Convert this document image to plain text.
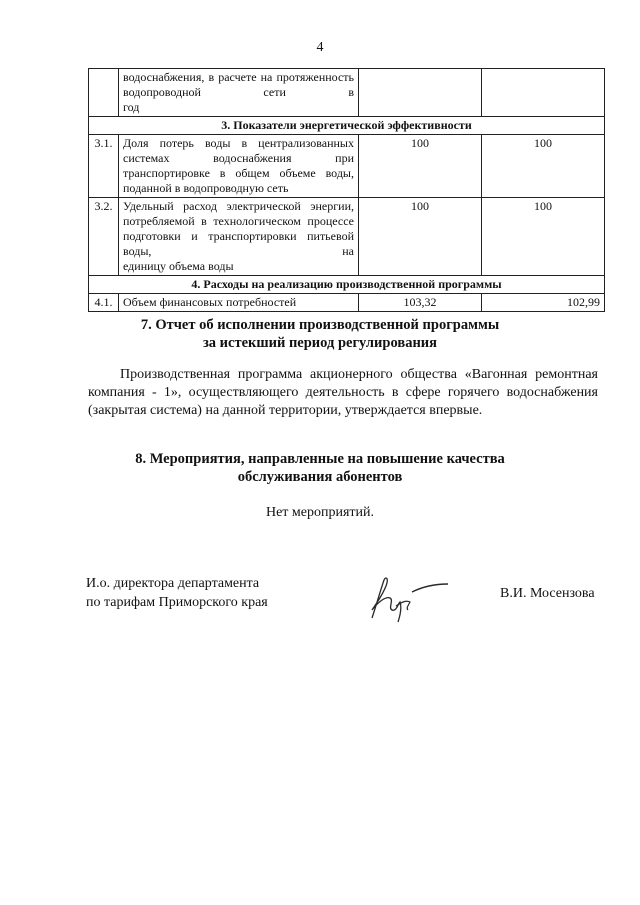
4
	водоснабжения, в расчете на протяженность водопроводной сети в
год		

3. Показатели энергетической эффективности			
3.1.	Доля потерь воды в централизованных системах водоснабжения при транспортировке в общем объеме воды,
поданной в водопроводную сеть	100	100
3.2.	Удельный расход электрической энергии, потребляемой в технологическом процессе подготовки и транспортировки питьевой воды, на
единицу объема воды	100	100
4. Расходы на реализацию производственной программы			
4.1.	Объем финансовых потребностей	103,32	102,99
7. Отчет об исполнении производственной программы
за истекший период регулирования
Производственная программа акционерного общества «Вагонная ремонтная компания - 1», осуществляющего деятельность в сфере горячего водоснабжения (закрытая система) на данной территории, утверждается впервые.
8. Мероприятия, направленные на повышение качества
обслуживания абонентов
Нет мероприятий.
И.о. директора департамента
по тарифам Приморского края
В.И. Мосензова
